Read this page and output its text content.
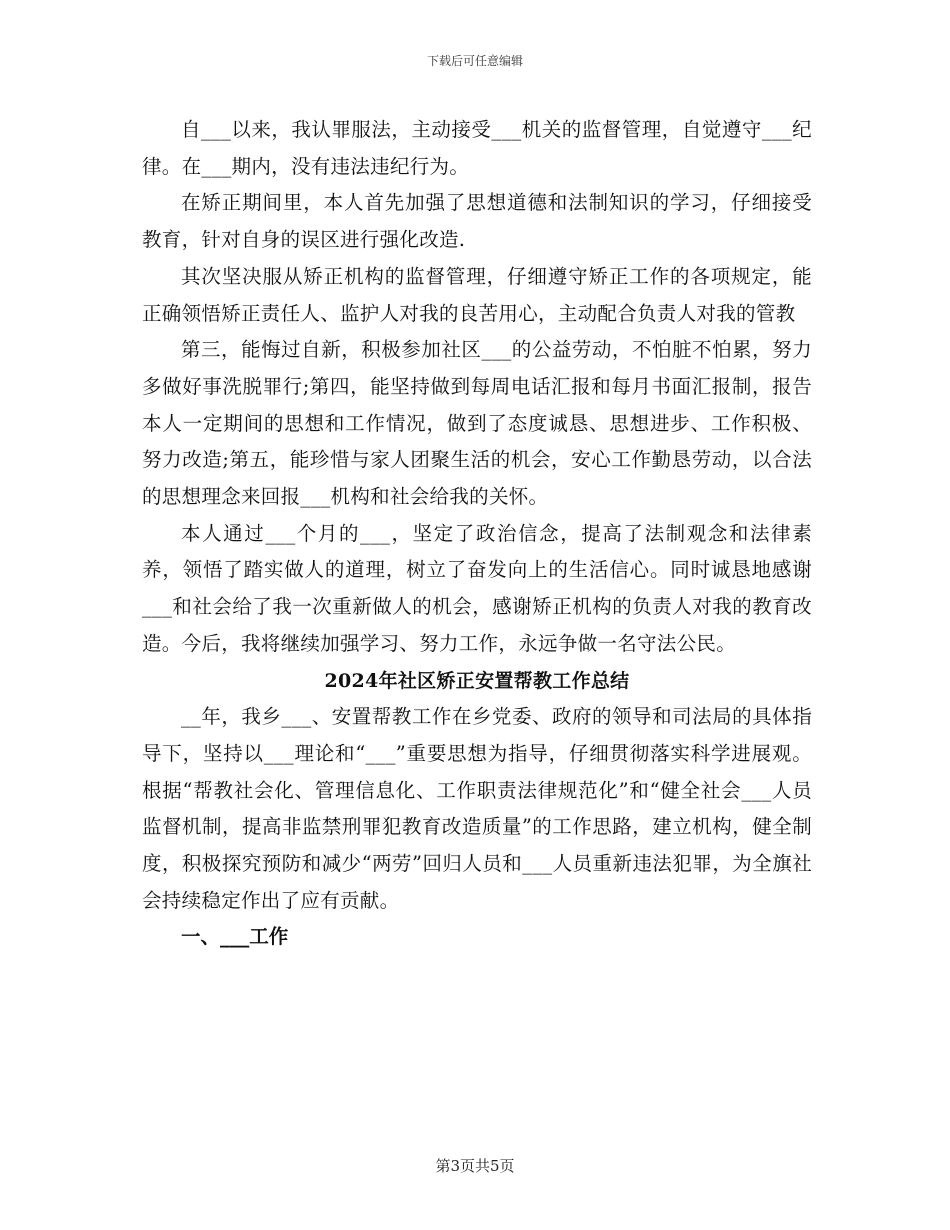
下载后可任意编辑

自___以来，我认罪服法，主动接受___机关的监督管理，自觉遵守___纪律。在___期内，没有违法违纪行为。

在矫正期间里，本人首先加强了思想道德和法制知识的学习，仔细接受教育，针对自身的误区进行强化改造.

其次坚决服从矫正机构的监督管理，仔细遵守矫正工作的各项规定，能正确领悟矫正责任人、监护人对我的良苦用心，主动配合负责人对我的管教

第三，能悔过自新，积极参加社区___的公益劳动，不怕脏不怕累，努力多做好事洗脱罪行;第四，能坚持做到每周电话汇报和每月书面汇报制，报告本人一定期间的思想和工作情况，做到了态度诚恳、思想进步、工作积极、努力改造;第五，能珍惜与家人团聚生活的机会，安心工作勤恳劳动，以合法的思想理念来回报___机构和社会给我的关怀。

本人通过___个月的___，坚定了政治信念，提高了法制观念和法律素养，领悟了踏实做人的道理，树立了奋发向上的生活信心。同时诚恳地感谢___和社会给了我一次重新做人的机会，感谢矫正机构的负责人对我的教育改造。今后，我将继续加强学习、努力工作，永远争做一名守法公民。

2024年社区矫正安置帮教工作总结

__年，我乡___、安置帮教工作在乡党委、政府的领导和司法局的具体指导下，坚持以___理论和“___”重要思想为指导，仔细贯彻落实科学进展观。根据“帮教社会化、管理信息化、工作职责法律规范化”和“健全社会___人员监督机制，提高非监禁刑罪犯教育改造质量”的工作思路，建立机构，健全制度，积极探究预防和减少“两劳”回归人员和___人员重新违法犯罪，为全旗社会持续稳定作出了应有贡献。

一、___工作

第3页共5页
